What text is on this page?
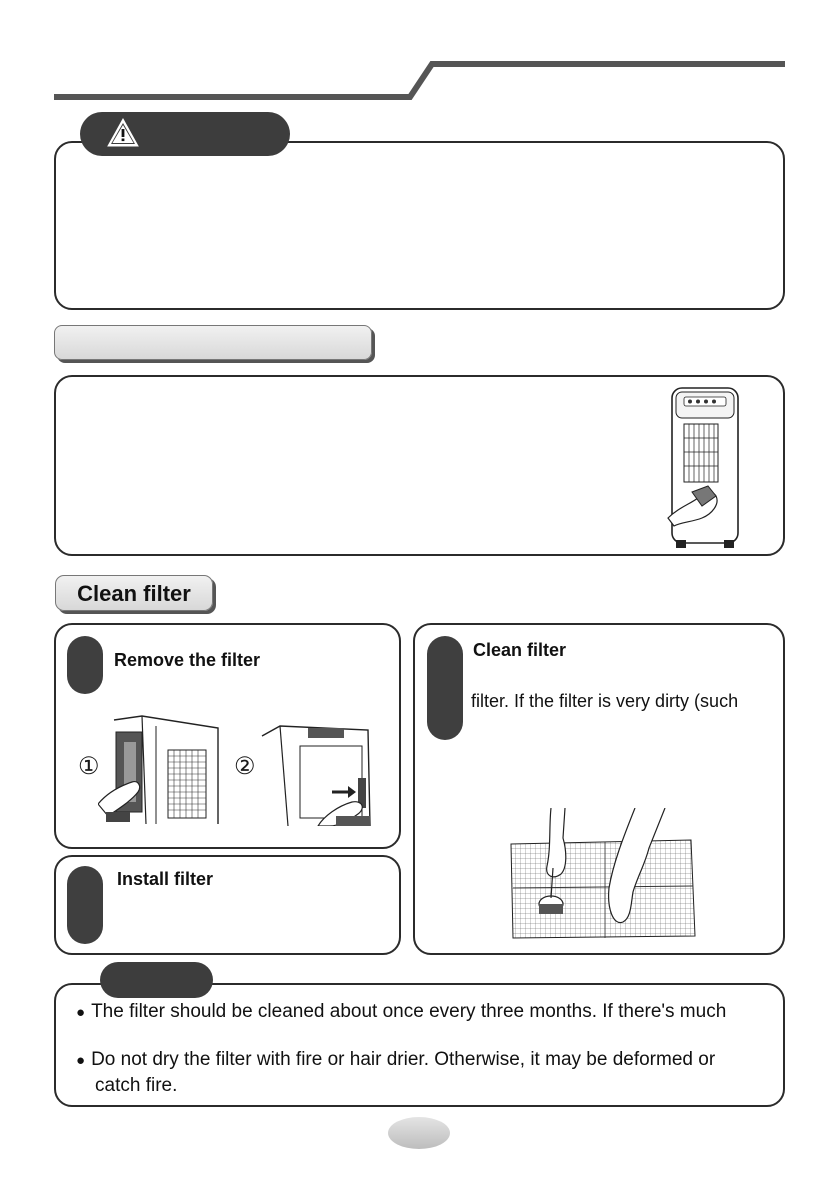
Clean filter
Remove the filter
①	②
Install filter
Clean filter
filter. If the filter is very dirty (such
● The filter should be cleaned about once every three months. If there's much
● Do not dry the filter with fire or hair drier. Otherwise, it may be deformed or
catch fire.
